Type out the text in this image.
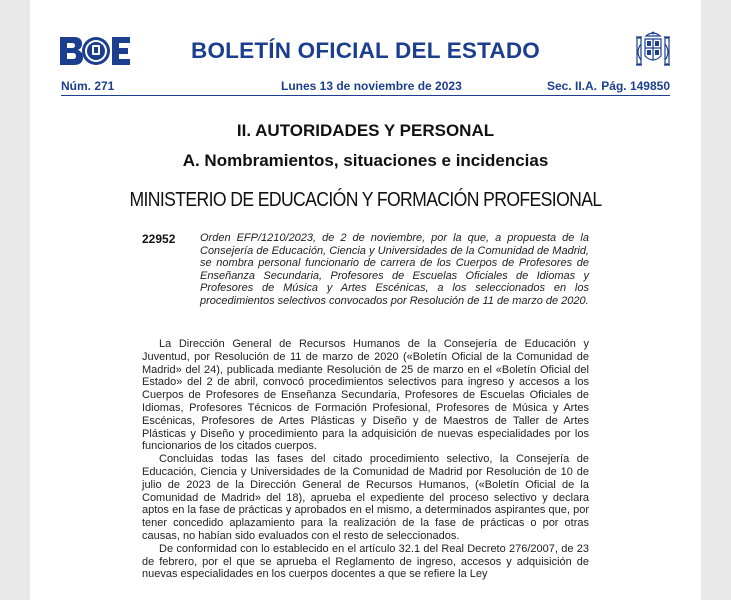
BOLETÍN OFICIAL DEL ESTADO
Núm. 271	Lunes 13 de noviembre de 2023	Sec. II.A. Pág. 149850
II. AUTORIDADES Y PERSONAL
A. Nombramientos, situaciones e incidencias
MINISTERIO DE EDUCACIÓN Y FORMACIÓN PROFESIONAL
22952 Orden EFP/1210/2023, de 2 de noviembre, por la que, a propuesta de la Consejería de Educación, Ciencia y Universidades de la Comunidad de Madrid, se nombra personal funcionario de carrera de los Cuerpos de Profesores de Enseñanza Secundaria, Profesores de Escuelas Oficiales de Idiomas y Profesores de Música y Artes Escénicas, a los seleccionados en los procedimientos selectivos convocados por Resolución de 11 de marzo de 2020.

La Dirección General de Recursos Humanos de la Consejería de Educación y Juventud, por Resolución de 11 de marzo de 2020 («Boletín Oficial de la Comunidad de Madrid» del 24), publicada mediante Resolución de 25 de marzo en el «Boletín Oficial del Estado» del 2 de abril, convocó procedimientos selectivos para ingreso y accesos a los Cuerpos de Profesores de Enseñanza Secundaria, Profesores de Escuelas Oficiales de Idiomas, Profesores Técnicos de Formación Profesional, Profesores de Música y Artes Escénicas, Profesores de Artes Plásticas y Diseño y de Maestros de Taller de Artes Plásticas y Diseño y procedimiento para la adquisición de nuevas especialidades por los funcionarios de los citados cuerpos.

Concluidas todas las fases del citado procedimiento selectivo, la Consejería de Educación, Ciencia y Universidades de la Comunidad de Madrid por Resolución de 10 de julio de 2023 de la Dirección General de Recursos Humanos, («Boletín Oficial de la Comunidad de Madrid» del 18), aprueba el expediente del proceso selectivo y declara aptos en la fase de prácticas y aprobados en el mismo, a determinados aspirantes que, por tener concedido aplazamiento para la realización de la fase de prácticas o por otras causas, no habían sido evaluados con el resto de seleccionados.

De conformidad con lo establecido en el artículo 32.1 del Real Decreto 276/2007, de 23 de febrero, por el que se aprueba el Reglamento de ingreso, accesos y adquisición de nuevas especialidades en los cuerpos docentes a que se refiere la Ley
